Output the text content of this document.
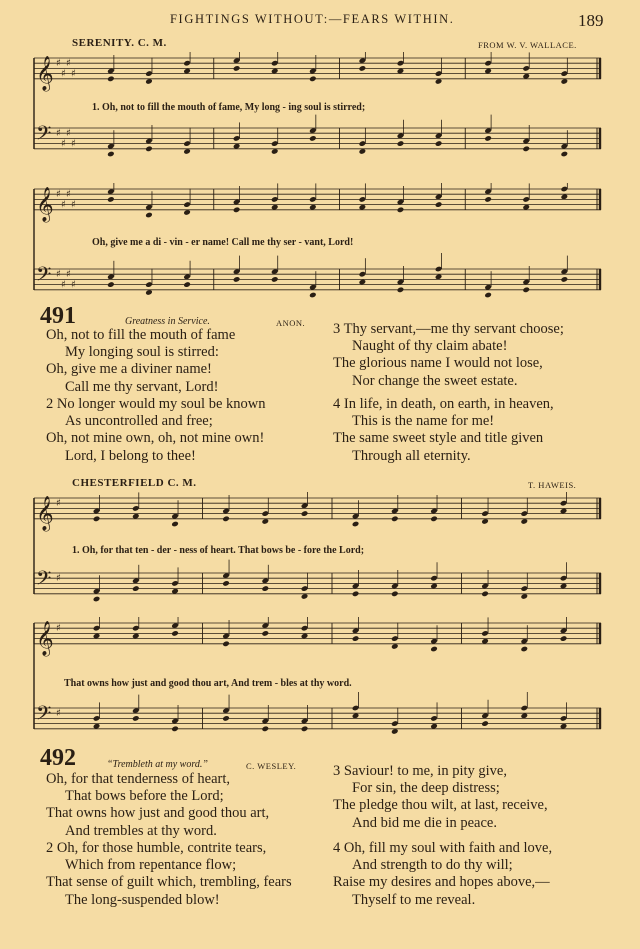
FIGHTINGS WITHOUT:—FEARS WITHIN.	189
SERENITY. C. M.	FROM W. V. WALLACE.
𝄞 ♯
♯
♯
♯
𝄢 ♯
♯
♯
♯
1. Oh, not to fill the mouth of fame, My long - ing soul is stirred;
𝄞 ♯
♯
♯
♯
𝄢 ♯
♯
♯
♯
Oh, give me a di - vin - er name! Call me thy ser - vant, Lord!
491	Greatness in Service.	ANON.
Oh, not to fill the mouth of fame
My longing soul is stirred:
Oh, give me a diviner name!
Call me thy servant, Lord!
2 No longer would my soul be known
As uncontrolled and free;
Oh, not mine own, oh, not mine own!
Lord, I belong to thee!
3 Thy servant,—me thy servant choose;
Naught of thy claim abate!
The glorious name I would not lose,
Nor change the sweet estate.
4 In life, in death, on earth, in heaven,
This is the name for me!
The same sweet style and title given
Through all eternity.
CHESTERFIELD C. M.	T. HAWEIS.
𝄞 ♯
𝄢 ♯
1. Oh, for that ten - der - ness of heart. That bows be - fore the Lord;
𝄞 ♯
𝄢 ♯
That owns how just and good thou art, And trem - bles at thy word.
492	“Trembleth at my word.”	C. WESLEY.
Oh, for that tenderness of heart,
That bows before the Lord;
That owns how just and good thou art,
And trembles at thy word.
2 Oh, for those humble, contrite tears,
Which from repentance flow;
That sense of guilt which, trembling, fears
The long-suspended blow!
3 Saviour! to me, in pity give,
For sin, the deep distress;
The pledge thou wilt, at last, receive,
And bid me die in peace.
4 Oh, fill my soul with faith and love,
And strength to do thy will;
Raise my desires and hopes above,—
Thyself to me reveal.
